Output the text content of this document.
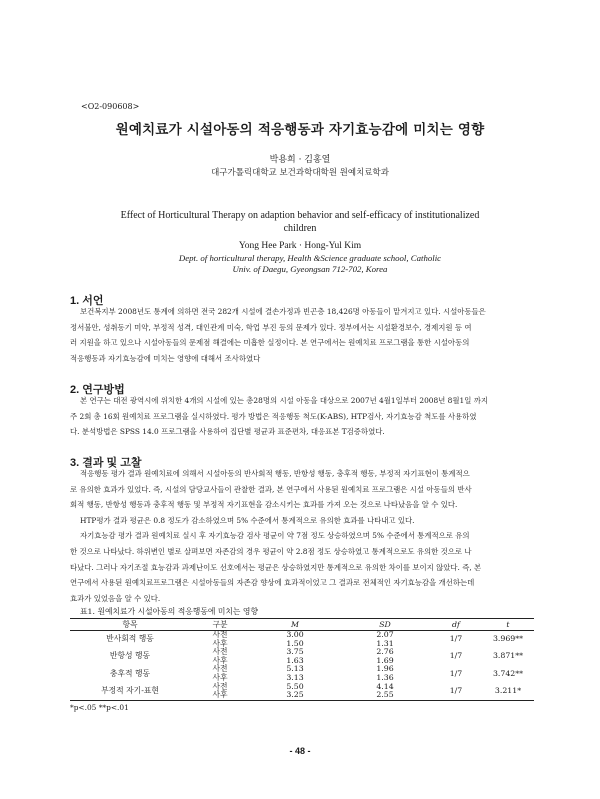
<O2-090608>
원예치료가 시설아동의 적응행동과 자기효능감에 미치는 영향
박용희 · 김홍열
대구가톨릭대학교 보건과학대학원 원예치료학과
Effect of Horticultural Therapy on adaption behavior and self-efficacy of institutionalized children
Yong Hee Park · Hong-Yul Kim
Dept. of horticultural therapy, Health &Science graduate school, Catholic Univ. of Daegu, Gyeongsan 712-702, Korea
1. 서언
보건복지부 2008년도 통계에 의하면 전국 282개 시설에 결손가정과 빈곤층 18,426명 아동들이 맡겨지고 있다. 시설아동들은
정서불안, 성취동기 미약, 부정적 성격, 대인관계 미숙, 학업 부진 등의 문제가 있다. 정부에서는 시설환경보수, 경제지원 등 여
러 지원을 하고 있으나 시설아동들의 문제점 해결에는 미흡한 실정이다. 본 연구에서는 원예치료 프로그램을 통한 시설아동의
적응행동과 자기효능감에 미치는 영향에 대해서 조사하였다
2. 연구방법
본 연구는 대전 광역시에 위치한 4개의 시설에 있는 총28명의 시설 아동을 대상으로 2007년 4월1일부터 2008년 8월1일 까지
주 2회 총 16회 원예치료 프로그램을 실시하였다. 평가 방법은 적응행동 척도(K-ABS), HTP검사, 자기효능감 척도를 사용하였
다. 분석방법은 SPSS 14.0 프로그램을 사용하여 집단별 평균과 표준편차, 대응표본 T검증하였다.
3. 결과 및 고찰
적응행동 평가 결과 원예치료에 의해서 시설아동의 반사회적 행동, 반항성 행동, 충후적 행동, 부정적 자기표현이 통계적으
로 유의한 효과가 있었다. 즉, 시설의 담당교사들이 관찰한 결과, 본 연구에서 사용된 원예치료 프로그램은 시설 아동들의 반사
회적 행동, 반항성 행동과 충후적 행동 및 부정적 자기표현을 감소시키는 효과를 가져 오는 것으로 나타났음을 알 수 있다.
HTP평가 결과 평균은 0.8 정도가 감소하였으며 5% 수준에서 통계적으로 유의한 효과를 나타내고 있다.
자기효능감 평가 결과 원예치료 실시 후 자기효능감 검사 평균이 약 7점 정도 상승하였으며 5% 수준에서 통계적으로 유의
한 것으로 나타났다. 하위변인 별로 살펴보면 자존감의 경우 평균이 약 2.8점 정도 상승하였고 통계적으로도 유의한 것으로 나
타났다. 그러나 자기조절 효능감과 과제난이도 선호에서는 평균은 상승하였지만 통계적으로 유의한 차이를 보이지 않았다. 즉, 본
연구에서 사용된 원예치료프로그램은 시설아동들의 자존감 향상에 효과적이었고 그 결과로 전체적인 자기효능감을 개선하는데
효과가 있었음을 알 수 있다.
표1. 원예치료가 시설아동의 적응행동에 미치는 영향
항목	구분	M	SD	df	t
반사회적 행동	사전	3.00	2.07	1/7	3.969**
	사후	1.50	1.31		
반항성 행동	사전	3.75	2.76	1/7	3.871**
	사후	1.63	1.69		
충후적 행동	사전	5.13	1.96	1/7	3.742**
	사후	3.13	1.36		
부정적 자기-표현	사전	5.50	4.14	1/7	3.211*
	사후	3.25	2.55		
*p<.05 **p<.01
- 48 -
